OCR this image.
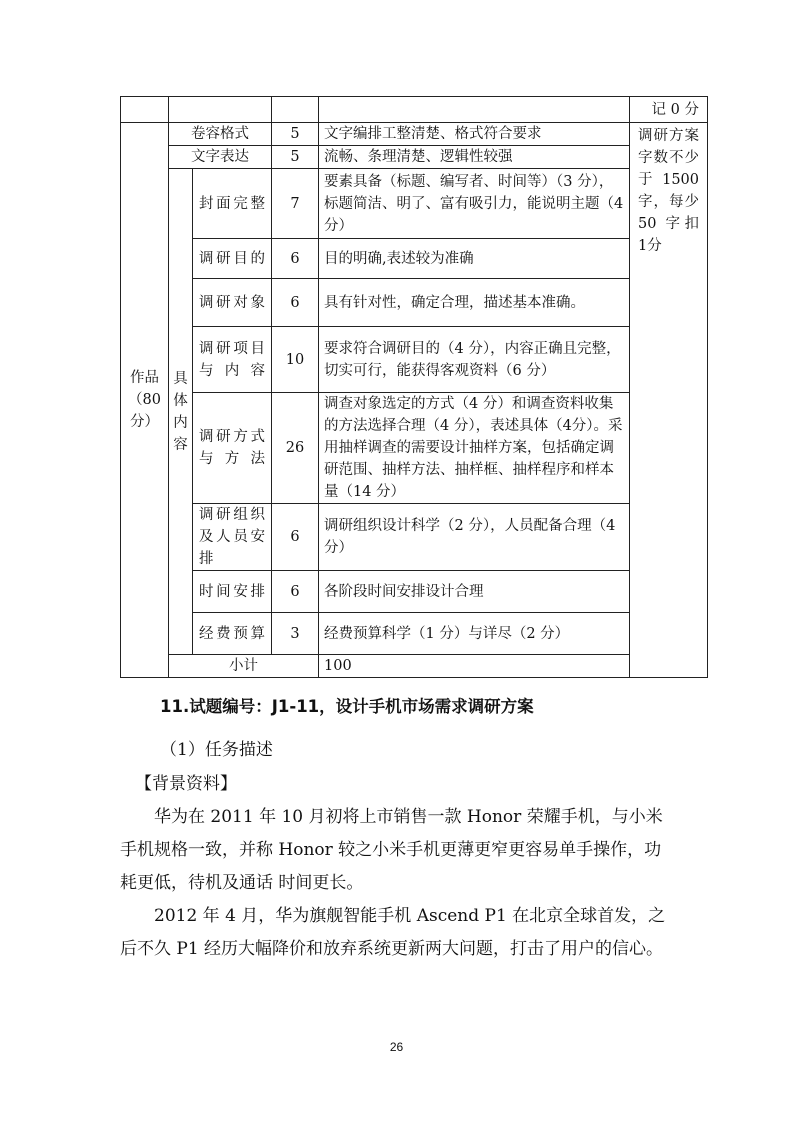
					记 0 分	
作品（80分）	卷容格式		5	文字编排工整清楚、格式符合要求	调研方案字数不少于1500字，每少 50 字扣1分	
	文字表达		5	流畅、条理清楚、逻辑性较强		
	具体内容	封面完整	7	要素具备（标题、编写者、时间等）（3 分），标题简洁、明了、富有吸引力，能说明主题（4 分）		
		调研目的	6	目的明确,表述较为准确		
		调研对象	6	具有针对性，确定合理，描述基本准确。		
		调研项目与内容	10	要求符合调研目的（4 分），内容正确且完整，切实可行，能获得客观资料（6 分）		
		调研方式与方法	26	调查对象选定的方式（4 分）和调查资料收集的方法选择合理（4 分），表述具体（4分）。采用抽样调查的需要设计抽样方案，包括确定调研范围、抽样方法、抽样框、抽样程序和样本量（14 分）		
		调研组织及人员安排	6	调研组织设计科学（2 分），人员配备合理（4 分）		
		时间安排	6	各阶段时间安排设计合理		
		经费预算	3	经费预算科学（1 分）与详尽（2 分）		
	小计			100		
11.试题编号：J1-11，设计手机市场需求调研方案

（1）任务描述

【背景资料】

华为在 2011 年 10 月初将上市销售一款 Honor 荣耀手机，与小米手机规格一致，并称 Honor 较之小米手机更薄更窄更容易单手操作，功耗更低，待机及通话 时间更长。

2012 年 4 月，华为旗舰智能手机 Ascend P1 在北京全球首发，之后不久 P1 经历大幅降价和放弃系统更新两大问题，打击了用户的信心。

26
